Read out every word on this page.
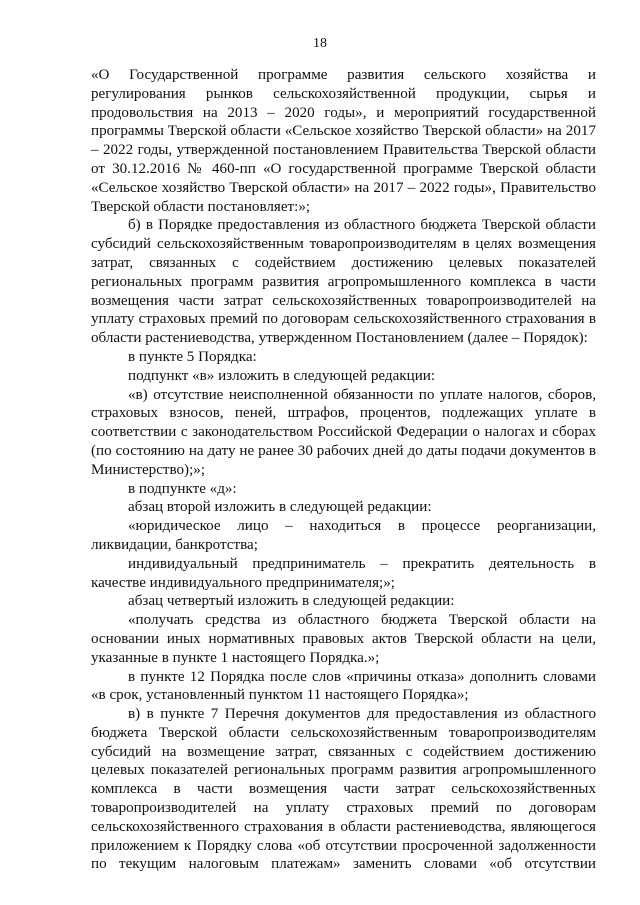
18

«О Государственной программе развития сельского хозяйства и регулирования рынков сельскохозяйственной продукции, сырья и продовольствия на 2013 – 2020 годы», и мероприятий государственной программы Тверской области «Сельское хозяйство Тверской области» на 2017 – 2022 годы, утвержденной постановлением Правительства Тверской области от 30.12.2016 № 460-пп «О государственной программе Тверской области «Сельское хозяйство Тверской области» на 2017 – 2022 годы», Правительство Тверской области постановляет:»;

б) в Порядке предоставления из областного бюджета Тверской области субсидий сельскохозяйственным товаропроизводителям в целях возмещения затрат, связанных с содействием достижению целевых показателей региональных программ развития агропромышленного комплекса в части возмещения части затрат сельскохозяйственных товаропроизводителей на уплату страховых премий по договорам сельскохозяйственного страхования в области растениеводства, утвержденном Постановлением (далее – Порядок):

в пункте 5 Порядка:

подпункт «в» изложить в следующей редакции:

«в) отсутствие неисполненной обязанности по уплате налогов, сборов, страховых взносов, пеней, штрафов, процентов, подлежащих уплате в соответствии с законодательством Российской Федерации о налогах и сборах (по состоянию на дату не ранее 30 рабочих дней до даты подачи документов в Министерство);»;

в подпункте «д»:

абзац второй изложить в следующей редакции:

«юридическое лицо – находиться в процессе реорганизации, ликвидации, банкротства;

индивидуальный предприниматель – прекратить деятельность в качестве индивидуального предпринимателя;»;

абзац четвертый изложить в следующей редакции:

«получать средства из областного бюджета Тверской области на основании иных нормативных правовых актов Тверской области на цели, указанные в пункте 1 настоящего Порядка.»;

в пункте 12 Порядка после слов «причины отказа» дополнить словами «в срок, установленный пунктом 11 настоящего Порядка»;

в) в пункте 7 Перечня документов для предоставления из областного бюджета Тверской области сельскохозяйственным товаропроизводителям субсидий на возмещение затрат, связанных с содействием достижению целевых показателей региональных программ развития агропромышленного комплекса в части возмещения части затрат сельскохозяйственных товаропроизводителей на уплату страховых премий по договорам сельскохозяйственного страхования в области растениеводства, являющегося приложением к Порядку слова «об отсутствии просроченной задолженности по текущим налоговым платежам» заменить словами «об отсутствии
